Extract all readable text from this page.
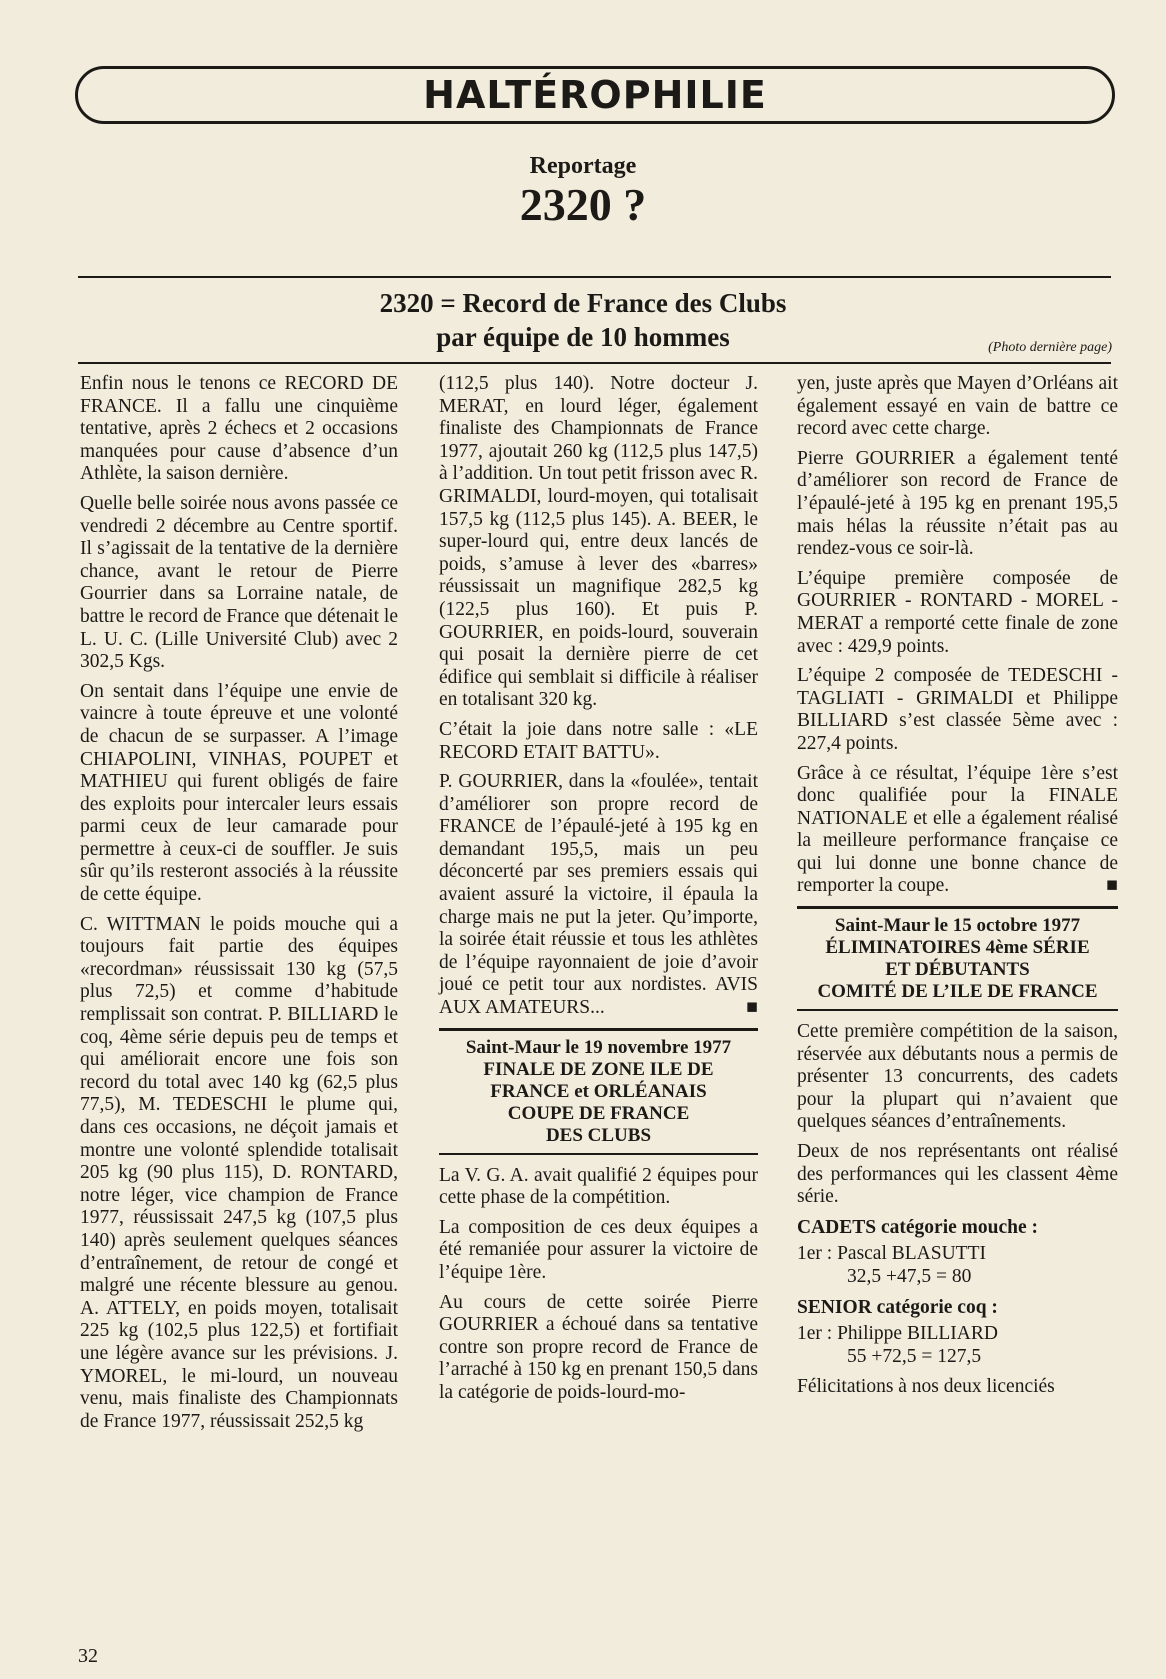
HALTÉROPHILIE
Reportage
2320 ?
2320 = Record de France des Clubs
par équipe de 10 hommes	(Photo dernière page)

Enfin nous le tenons ce RECORD DE FRANCE. Il a fallu une cinquième tentative, après 2 échecs et 2 occasions manquées pour cause d’absence d’un Athlète, la saison dernière.

Quelle belle soirée nous avons passée ce vendredi 2 décembre au Centre sportif. Il s’agissait de la tentative de la dernière chance, avant le retour de Pierre Gourrier dans sa Lorraine natale, de battre le record de France que détenait le L. U. C. (Lille Université Club) avec 2 302,5 Kgs.

On sentait dans l’équipe une envie de vaincre à toute épreuve et une volonté de chacun de se surpasser. A l’image CHIAPOLINI, VINHAS, POUPET et MATHIEU qui furent obligés de faire des exploits pour intercaler leurs essais parmi ceux de leur camarade pour permettre à ceux-ci de souffler. Je suis sûr qu’ils resteront associés à la réussite de cette équipe.

C. WITTMAN le poids mouche qui a toujours fait partie des équipes «recordman» réussissait 130 kg (57,5 plus 72,5) et comme d’habitude remplissait son contrat. P. BILLIARD le coq, 4ème série depuis peu de temps et qui améliorait encore une fois son record du total avec 140 kg (62,5 plus 77,5), M. TEDESCHI le plume qui, dans ces occasions, ne déçoit jamais et montre une volonté splendide totalisait 205 kg (90 plus 115), D. RONTARD, notre léger, vice champion de France 1977, réussissait 247,5 kg (107,5 plus 140) après seulement quelques séances d’entraînement, de retour de congé et malgré une récente blessure au genou. A. ATTELY, en poids moyen, totalisait 225 kg (102,5 plus 122,5) et fortifiait une légère avance sur les prévisions. J. YMOREL, le mi-lourd, un nouveau venu, mais finaliste des Championnats de France 1977, réussissait 252,5 kg

(112,5 plus 140). Notre docteur J. MERAT, en lourd léger, également finaliste des Championnats de France 1977, ajoutait 260 kg (112,5 plus 147,5) à l’addition. Un tout petit frisson avec R. GRIMALDI, lourd-moyen, qui totalisait 157,5 kg (112,5 plus 145). A. BEER, le super-lourd qui, entre deux lancés de poids, s’amuse à lever des «barres» réussissait un magnifique 282,5 kg (122,5 plus 160). Et puis P. GOURRIER, en poids-lourd, souverain qui posait la dernière pierre de cet édifice qui semblait si difficile à réaliser en totalisant 320 kg.

C’était la joie dans notre salle : «LE RECORD ETAIT BATTU».

P. GOURRIER, dans la «foulée», tentait d’améliorer son propre record de FRANCE de l’épaulé-jeté à 195 kg en demandant 195,5, mais un peu déconcerté par ses premiers essais qui avaient assuré la victoire, il épaula la charge mais ne put la jeter. Qu’importe, la soirée était réussie et tous les athlètes de l’équipe rayonnaient de joie d’avoir joué ce petit tour aux nordistes. AVIS AUX AMATEURS...	■

Saint-Maur le 19 novembre 1977
FINALE DE ZONE ILE DE
FRANCE et ORLÉANAIS
COUPE DE FRANCE
DES CLUBS

La V. G. A. avait qualifié 2 équipes pour cette phase de la compétition.

La composition de ces deux équipes a été remaniée pour assurer la victoire de l’équipe 1ère.

Au cours de cette soirée Pierre GOURRIER a échoué dans sa tentative contre son propre record de France de l’arraché à 150 kg en prenant 150,5 dans la catégorie de poids-lourd-mo-

yen, juste après que Mayen d’Orléans ait également essayé en vain de battre ce record avec cette charge.

Pierre GOURRIER a également tenté d’améliorer son record de France de l’épaulé-jeté à 195 kg en prenant 195,5 mais hélas la réussite n’était pas au rendez-vous ce soir-là.

L’équipe première composée de GOURRIER - RONTARD - MOREL - MERAT a remporté cette finale de zone avec : 429,9 points.

L’équipe 2 composée de TEDESCHI - TAGLIATI - GRIMALDI et Philippe BILLIARD s’est classée 5ème avec : 227,4 points.

Grâce à ce résultat, l’équipe 1ère s’est donc qualifiée pour la FINALE NATIONALE et elle a également réalisé la meilleure performance française ce qui lui donne une bonne chance de remporter la coupe.	■

Saint-Maur le 15 octobre 1977
ÉLIMINATOIRES 4ème SÉRIE
ET DÉBUTANTS
COMITÉ DE L’ILE DE FRANCE

Cette première compétition de la saison, réservée aux débutants nous a permis de présenter 13 concurrents, des cadets pour la plupart qui n’avaient que quelques séances d’entraînements.

Deux de nos représentants ont réalisé des performances qui les classent 4ème série.

CADETS catégorie mouche :
1er : Pascal BLASUTTI
32,5 +47,5 = 80
SENIOR catégorie coq :
1er : Philippe BILLIARD
55 +72,5 = 127,5

Félicitations à nos deux licenciés

32
